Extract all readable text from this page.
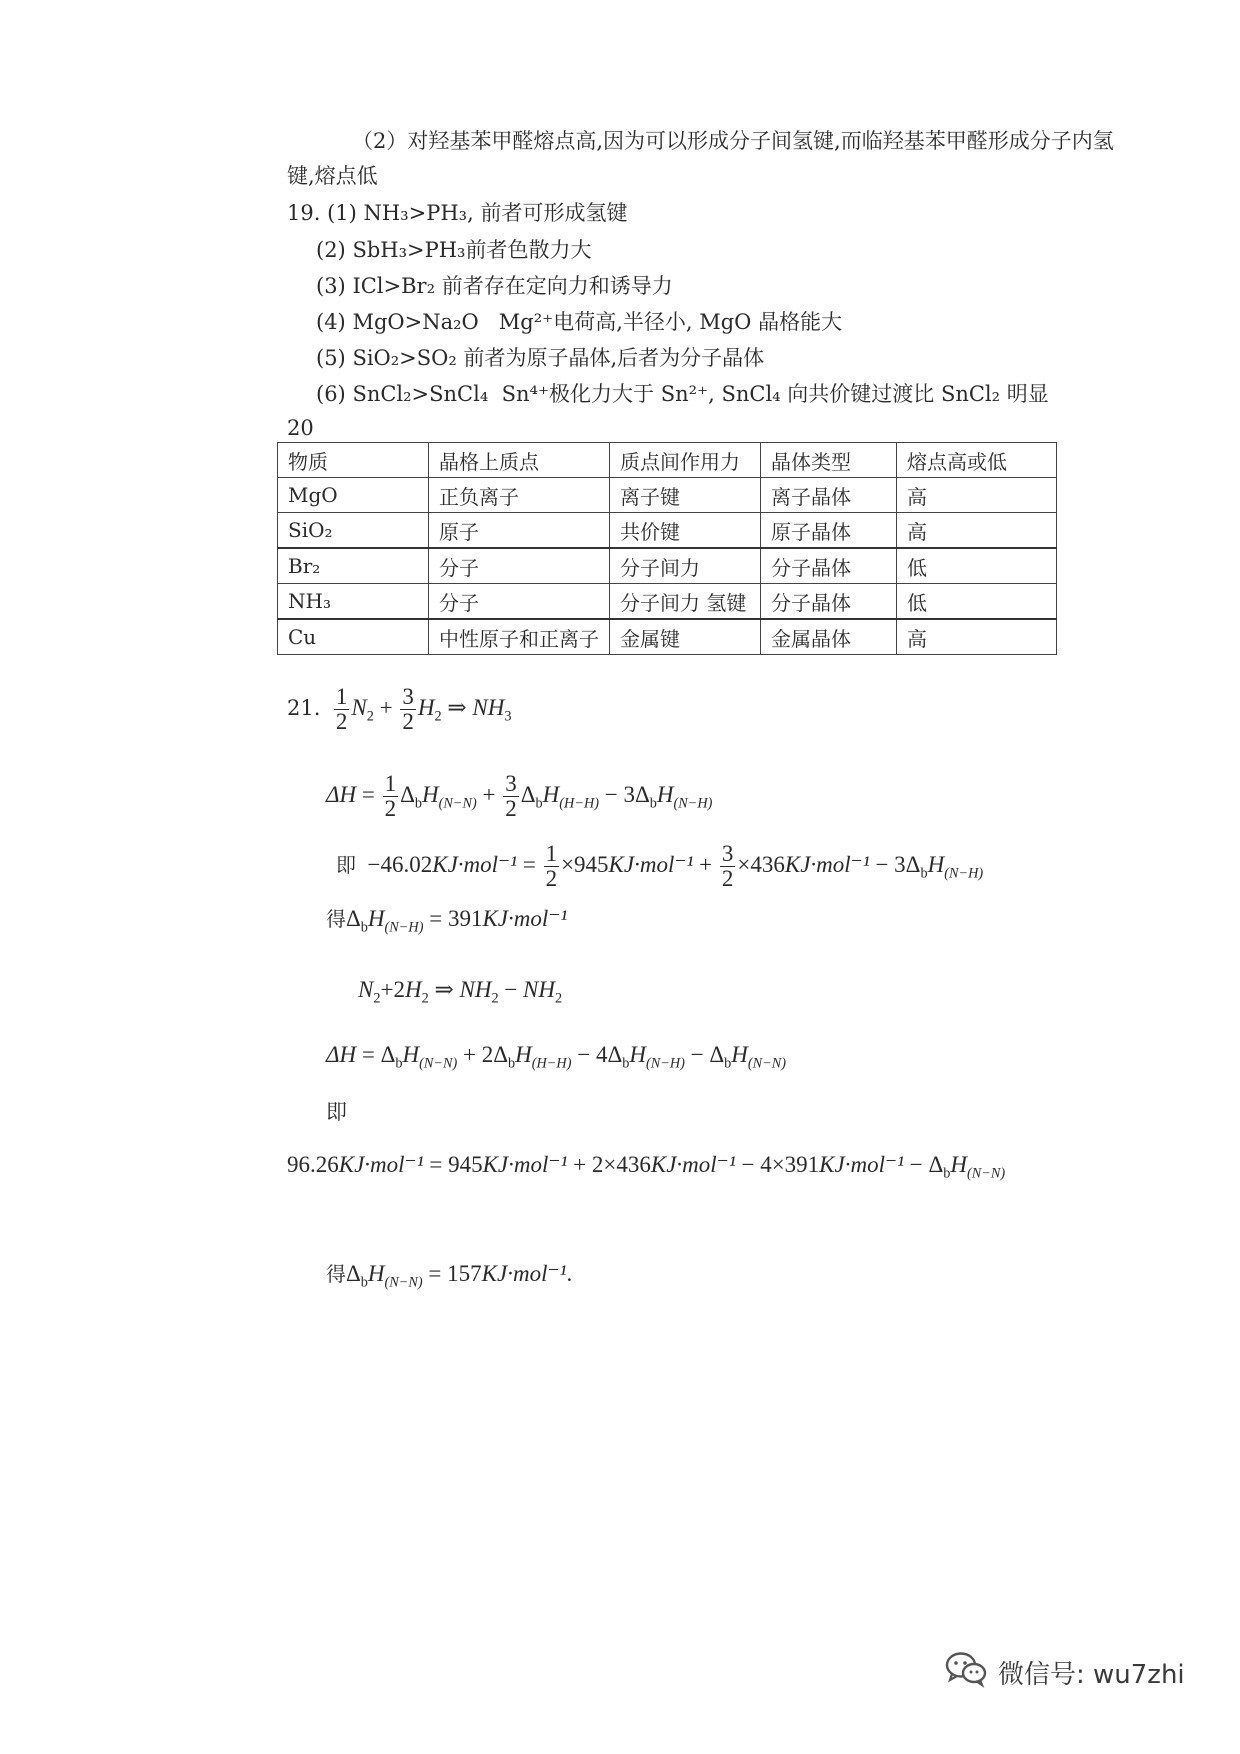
（2）对羟基苯甲醛熔点高,因为可以形成分子间氢键,而临羟基苯甲醛形成分子内氢
键,熔点低
19. (1) NH₃>PH₃, 前者可形成氢键
(2) SbH₃>PH₃前者色散力大
(3) ICl>Br₂ 前者存在定向力和诱导力
(4) MgO>Na₂O Mg²⁺电荷高,半径小, MgO 晶格能大
(5) SiO₂>SO₂ 前者为原子晶体,后者为分子晶体
(6) SnCl₂>SnCl₄ Sn⁴⁺极化力大于 Sn²⁺, SnCl₄ 向共价键过渡比 SnCl₂ 明显
20
物质	晶格上质点	质点间作用力	晶体类型	熔点高或低
MgO	正负离子	离子键	离子晶体	高
SiO₂	原子	共价键	原子晶体	高
Br₂	分子	分子间力	分子晶体	低
NH₃	分子	分子间力 氢键	分子晶体	低
Cu	中性原子和正离子	金属键	金属晶体	高
21. $\frac{1}{2} N_2 + \frac{3}{2} H_2$ ⇒ $NH_3$
$\Delta H = \frac{1}{2} \Delta_bH_{(N-N)} + \frac{3}{2} \Delta_bH_{(H-H)} - 3\Delta_bH_{(N-H)}$
即 $-46.02KJ\cdot mol^{-1} = \frac{1}{2} \times 945KJ\cdot mol^{-1} + \frac{3}{2} \times 436KJ\cdot mol^{-1} - 3\Delta_bH_{(N-H)}$
得$\Delta_bH_{(N-H)} = 391KJ\cdot mol^{-1}$
$N_2+2H_2$ ⇒ $NH_2 - NH_2$
$\Delta H = \Delta_bH_{(N-N)} + 2\Delta_bH_{(H-H)} - 4\Delta_bH_{(N-H)} - \Delta_bH_{(N-N)}$
即
$96.26KJ\cdot mol^{-1} = 945KJ\cdot mol^{-1} + 2\times 436KJ\cdot mol^{-1} - 4\times 391KJ\cdot mol^{-1} - \Delta_bH_{(N-N)}$
得$\Delta_bH_{(N-N)} = 157KJ\cdot mol^{-1}$.
微信号: wu7zhi
